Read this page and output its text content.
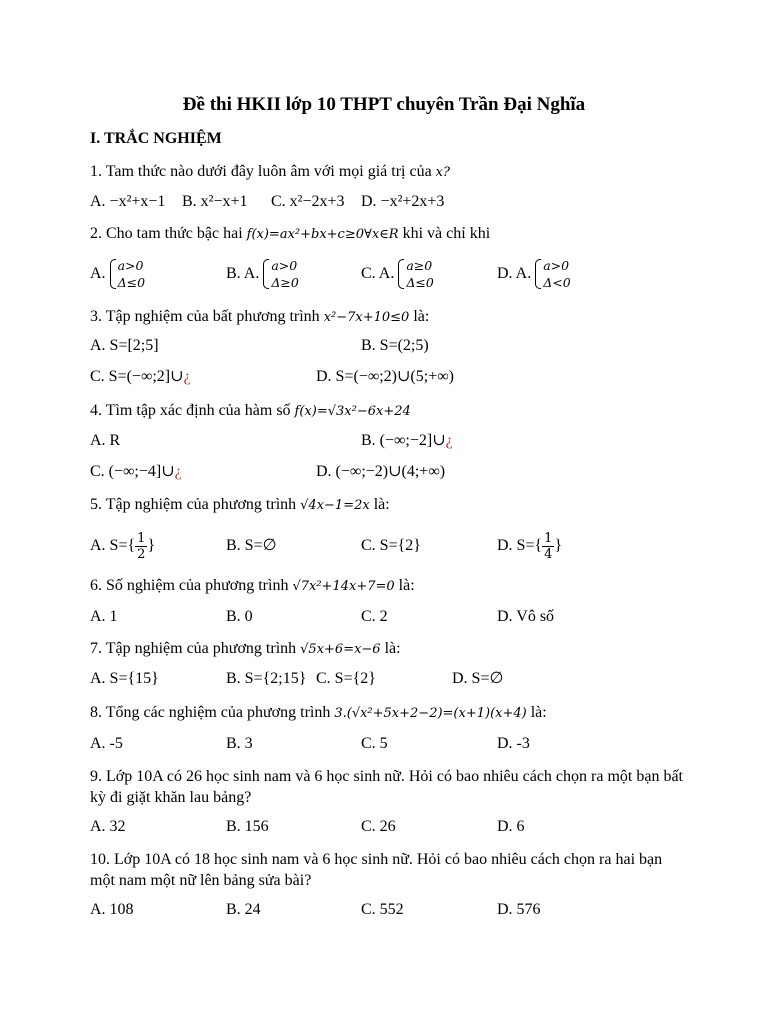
Đề thi HKII lớp 10 THPT chuyên Trần Đại Nghĩa
I. TRẮC NGHIỆM
1. Tam thức nào dưới đây luôn âm với mọi giá trị của x?
A. −x²+x−1 B. x²−x+1 C. x²−2x+3 D. −x²+2x+3
2. Cho tam thức bậc hai f(x)=ax²+bx+c≥0∀x∈R khi và chỉ khi
A. a>0
Δ≤0
B. A. a>0
Δ≥0
C. A. a≥0
Δ≤0
D. A. a>0
Δ<0
3. Tập nghiệm của bất phương trình x²−7x+10≤0 là:
A. S=[2;5]	B. S=(2;5)
C. S=(−∞;2]∪¿	D. S=(−∞;2)∪(5;+∞)
4. Tìm tập xác định của hàm số f(x)=√3x²−6x+24
A. R	B. (−∞;−2]∪¿
C. (−∞;−4]∪¿	D. (−∞;−2)∪(4;+∞)
5. Tập nghiệm của phương trình √4x−1=2x là:
A. $S=\{ \frac{1}{2}$ }	B. S=∅	C. S={2}	D. $S=\{ \frac{1}{4}$ }
6. Số nghiệm của phương trình √7x²+14x+7=0 là:
A. 1	B. 0	C. 2	D. Vô số
7. Tập nghiệm của phương trình √5x+6=x−6 là:
A. S={15}	B. S={2;15} C. S={2}	D. S=∅
8. Tổng các nghiệm của phương trình 3.(√x²+5x+2−2)=(x+1)(x+4) là:
A. -5	B. 3	C. 5	D. -3
9. Lớp 10A có 26 học sinh nam và 6 học sinh nữ. Hỏi có bao nhiêu cách chọn ra một bạn bất kỳ đi giặt khăn lau bảng?
A. 32	B. 156	C. 26	D. 6
10. Lớp 10A có 18 học sinh nam và 6 học sinh nữ. Hỏi có bao nhiêu cách chọn ra hai bạn một nam một nữ lên bảng sửa bài?
A. 108	B. 24	C. 552	D. 576
